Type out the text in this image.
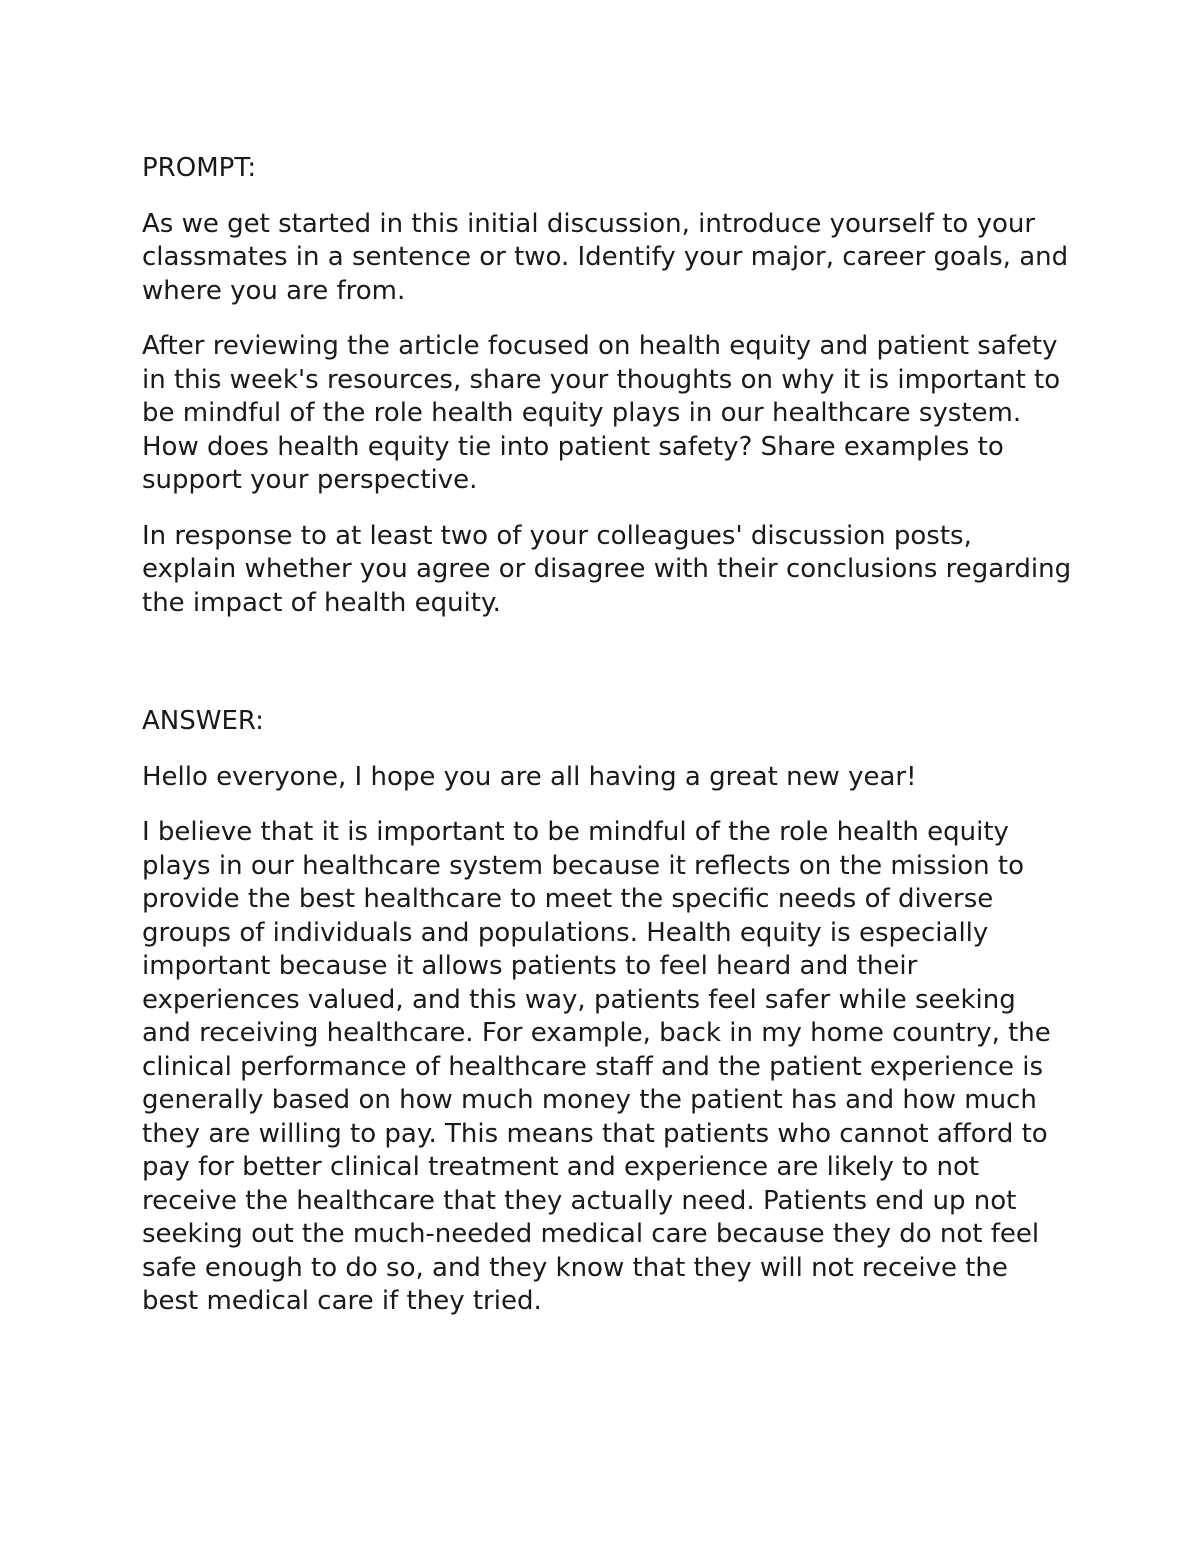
PROMPT:

As we get started in this initial discussion, introduce yourself to your classmates in a sentence or two. Identify your major, career goals, and where you are from.

After reviewing the article focused on health equity and patient safety in this week's resources, share your thoughts on why it is important to be mindful of the role health equity plays in our healthcare system. How does health equity tie into patient safety? Share examples to support your perspective.

In response to at least two of your colleagues' discussion posts, explain whether you agree or disagree with their conclusions regarding the impact of health equity.

ANSWER:

Hello everyone, I hope you are all having a great new year!

I believe that it is important to be mindful of the role health equity plays in our healthcare system because it reflects on the mission to provide the best healthcare to meet the specific needs of diverse groups of individuals and populations. Health equity is especially important because it allows patients to feel heard and their experiences valued, and this way, patients feel safer while seeking and receiving healthcare. For example, back in my home country, the clinical performance of healthcare staff and the patient experience is generally based on how much money the patient has and how much they are willing to pay. This means that patients who cannot afford to pay for better clinical treatment and experience are likely to not receive the healthcare that they actually need. Patients end up not seeking out the much-needed medical care because they do not feel safe enough to do so, and they know that they will not receive the best medical care if they tried.
